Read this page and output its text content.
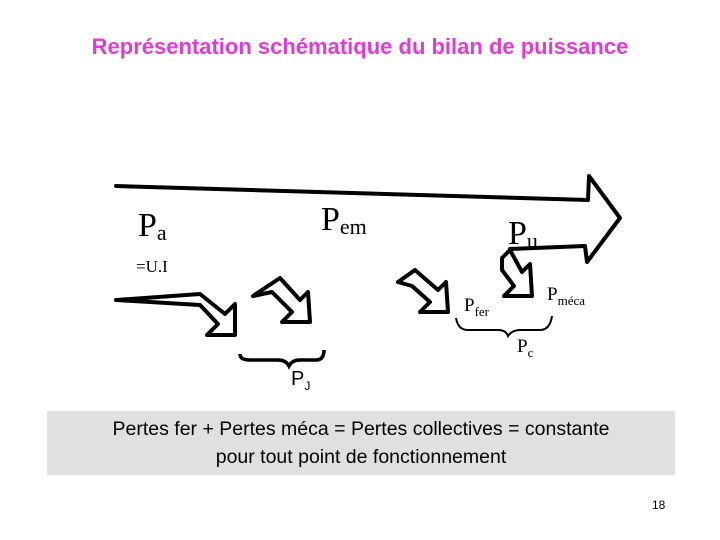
Représentation schématique du bilan de puissance
Pa
=U.I
Pem	Pu
$P_{fer}$
$P_{méca}$
$P_c$
$P_J$
Pertes fer + Pertes méca = Pertes collectives = constante
pour tout point de fonctionnement
18
